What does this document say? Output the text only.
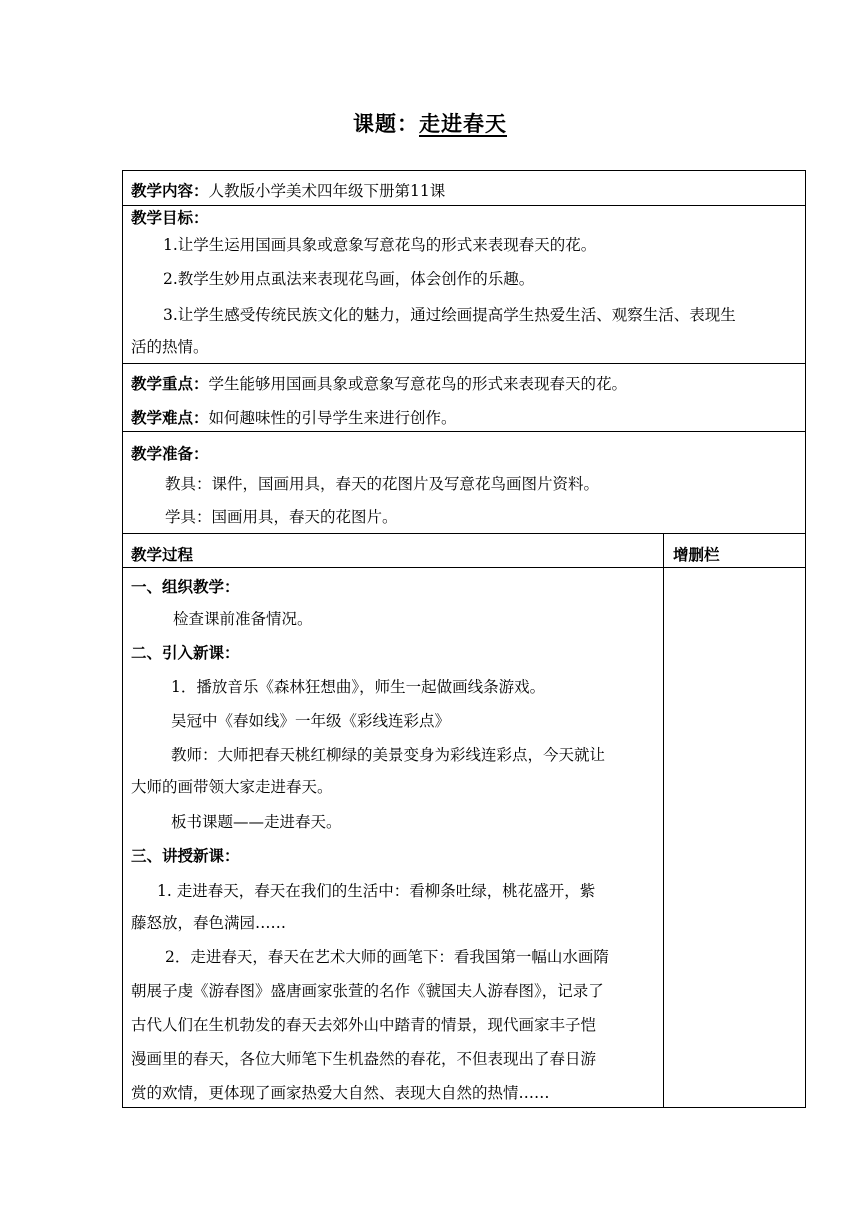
课题：走进春天
教学内容：人教版小学美术四年级下册第11课
教学目标：
1.让学生运用国画具象或意象写意花鸟的形式来表现春天的花。
2.教学生妙用点虱法来表现花鸟画，体会创作的乐趣。
3.让学生感受传统民族文化的魅力，通过绘画提高学生热爱生活、观察生活、表现生
活的热情。
教学重点：学生能够用国画具象或意象写意花鸟的形式来表现春天的花。
教学难点：如何趣味性的引导学生来进行创作。
教学准备：
教具：课件，国画用具，春天的花图片及写意花鸟画图片资料。
学具：国画用具，春天的花图片。
教学过程	增删栏
一、组织教学：
检查课前准备情况。
二、引入新课：
1．播放音乐《森林狂想曲》，师生一起做画线条游戏。
吴冠中《春如线》一年级《彩线连彩点》
教师：大师把春天桃红柳绿的美景变身为彩线连彩点，今天就让
大师的画带领大家走进春天。
板书课题——走进春天。
三、讲授新课：
1. 走进春天，春天在我们的生活中：看柳条吐绿，桃花盛开，紫
藤怒放，春色满园……
2．走进春天，春天在艺术大师的画笔下：看我国第一幅山水画隋
朝展子虔《游春图》盛唐画家张萱的名作《虢国夫人游春图》，记录了
古代人们在生机勃发的春天去郊外山中踏青的情景，现代画家丰子恺
漫画里的春天，各位大师笔下生机盎然的春花，不但表现出了春日游
赏的欢情，更体现了画家热爱大自然、表现大自然的热情……
